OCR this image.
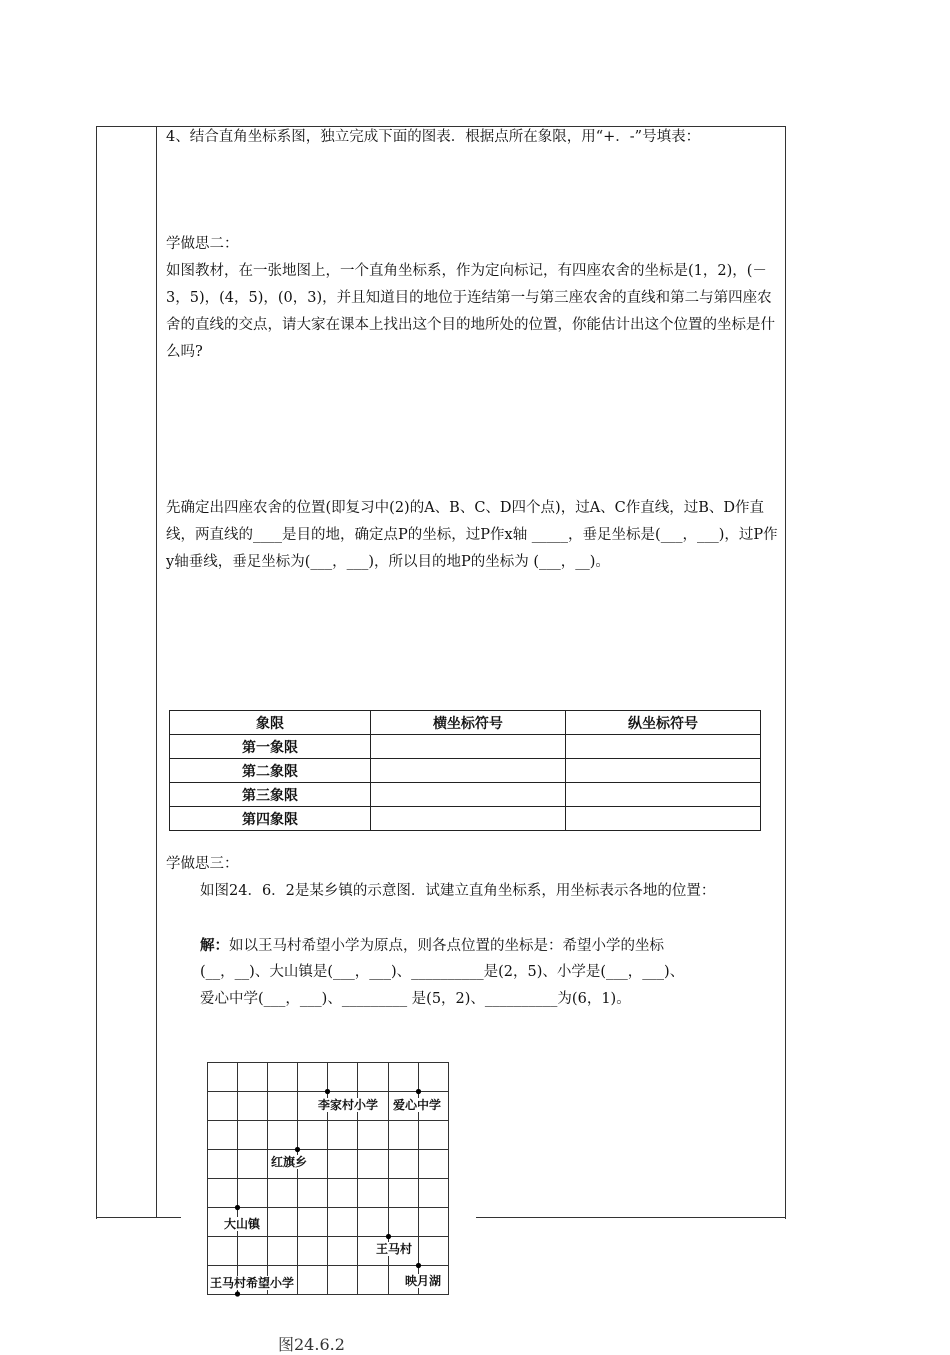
4、结合直角坐标系图，独立完成下面的图表．根据点所在象限，用“+．-”号填表：
学做思二：
如图教材，在一张地图上，一个直角坐标系，作为定向标记，有四座农舍的坐标是(1，2)，(－3，5)，(4，5)，(0，3)，并且知道目的地位于连结第一与第三座农舍的直线和第二与第四座农舍的直线的交点，请大家在课本上找出这个目的地所处的位置，你能估计出这个位置的坐标是什么吗?
先确定出四座农舍的位置(即复习中(2)的A、B、C、D四个点)，过A、C作直线，过B、D作直线，两直线的____是目的地，确定点P的坐标，过P作x轴 _____，垂足坐标是(___，___)，过P作y轴垂线，垂足坐标为(___，___)，所以目的地P的坐标为 (___，__)。
象限	横坐标符号	纵坐标符号
第一象限		
第二象限		
第三象限		
第四象限		
学做思三：
如图24．6．2是某乡镇的示意图．试建立直角坐标系，用坐标表示各地的位置：
解：如以王马村希望小学为原点，则各点位置的坐标是：希望小学的坐标
(__，__)、大山镇是(___，___)、__________是(2，5)、小学是(___，___)、
爱心中学(___，___)、_________ 是(5，2)、__________为(6，1)。
李家村小学 爱心中学
红旗乡
大山镇
王马村
王马村希望小学	映月湖
图24.6.2
